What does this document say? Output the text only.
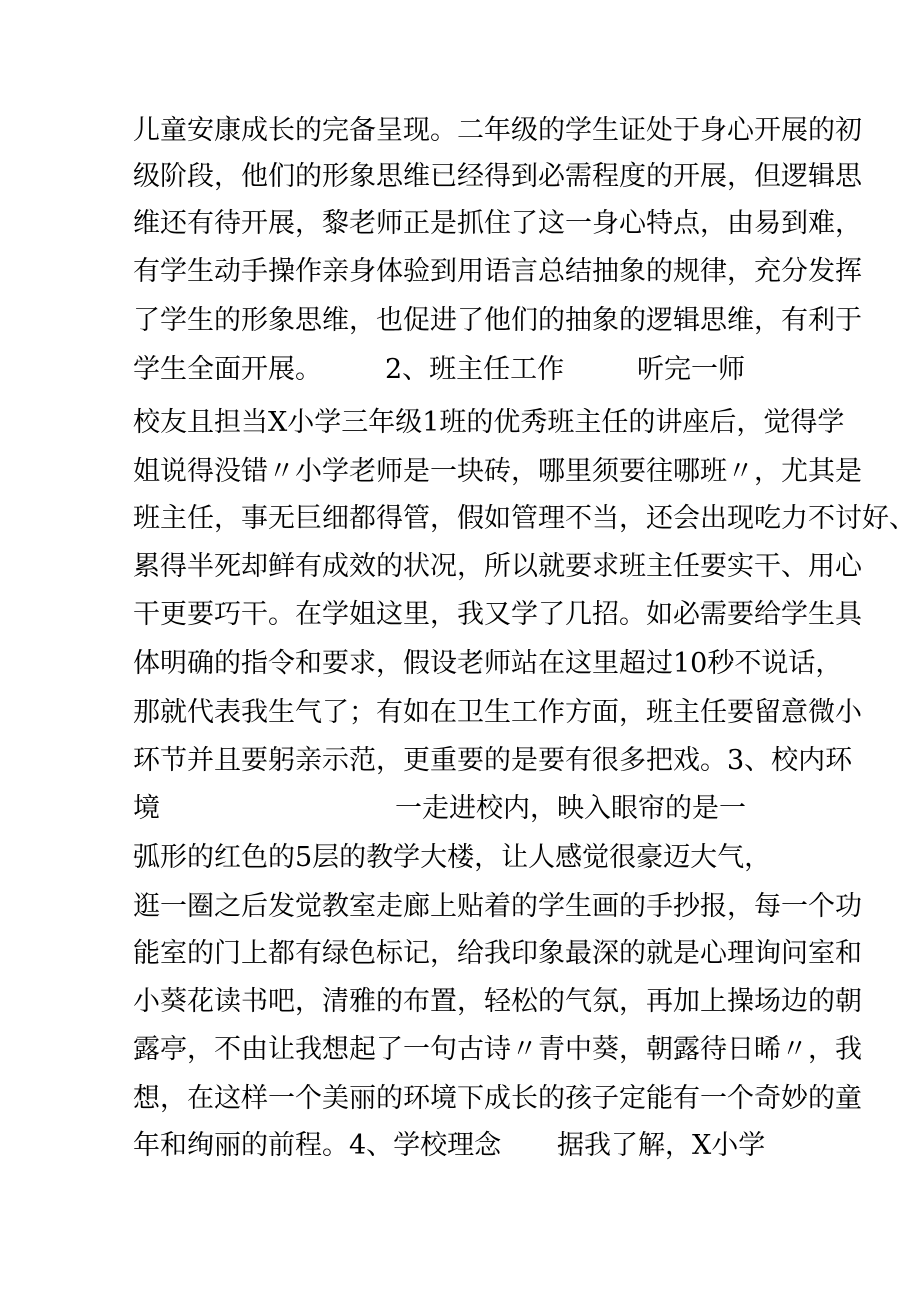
儿童安康成长的完备呈现。二年级的学生证处于身心开展的初
级阶段，他们的形象思维已经得到必需程度的开展，但逻辑思
维还有待开展，黎老师正是抓住了这一身心特点，由易到难，
有学生动手操作亲身体验到用语言总结抽象的规律，充分发挥
了学生的形象思维，也促进了他们的抽象的逻辑思维，有利于
学生全面开展。 2、班主任工作	听完一师
校友且担当X小学三年级1班的优秀班主任的讲座后，觉得学
姐说得没错〃小学老师是一块砖，哪里须要往哪班〃，尤其是
班主任，事无巨细都得管，假如管理不当，还会出现吃力不讨好、
累得半死却鲜有成效的状况，所以就要求班主任要实干、用心
干更要巧干。在学姐这里，我又学了几招。如必需要给学生具
体明确的指令和要求，假设老师站在这里超过10秒不说话，
那就代表我生气了；有如在卫生工作方面，班主任要留意微小
环节并且要躬亲示范，更重要的是要有很多把戏。3、校内环
境	一走进校内，映入眼帘的是一
弧形的红色的5层的教学大楼，让人感觉很豪迈大气，
逛一圈之后发觉教室走廊上贴着的学生画的手抄报，每一个功
能室的门上都有绿色标记，给我印象最深的就是心理询问室和
小葵花读书吧，清雅的布置，轻松的气氛，再加上操场边的朝
露亭，不由让我想起了一句古诗〃青中葵，朝露待日晞〃，我
想，在这样一个美丽的环境下成长的孩子定能有一个奇妙的童
年和绚丽的前程。4、学校理念 据我了解，X小学
